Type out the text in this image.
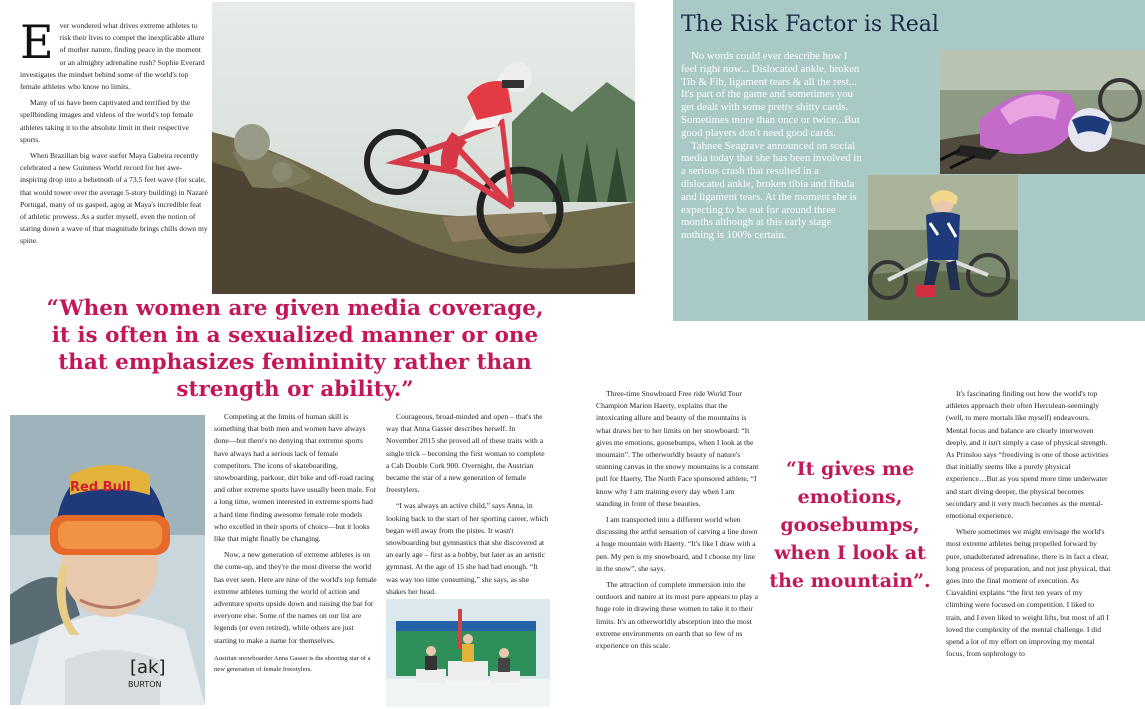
E ver wondered what drives extreme athletes to risk their lives to compet the inexplicable allure of mother nature, finding peace in the moment or an almighty adrenaline rush? Sophie Everard investigates the mindset behind some of the world's top female athletes who know no limits.

Many of us have been captivated and terrified by the spellbinding images and videos of the world's top female athletes taking it to the absolute limit in their respective sports.

When Brazilian big wave surfer Maya Gabeira recently celebrated a new Guinness World record for her awe-inspiring drop into a behemoth of a 73.5 feet wave (for scale, that would tower over the average 5-story building) in Nazaré Portugal, many of us gasped, agog at Maya's incredible feat of athletic prowess. As a surfer myself, even the notion of staring down a wave of that magnitude brings chills down my spine.

“When women are given media coverage, it is often in a sexualized manner or one that emphasizes femininity rather than strength or ability.”
[ak]
BURTON
Red Bull

Competing at the limits of human skill is something that both men and women have always done—but there's no denying that extreme sports have always had a serious lack of female competitors. The icons of skateboarding, snowboarding, parkour, dirt bike and off-road racing and other extreme sports have usually been male. For a long time, women interested in extreme sports had a hard time finding awesome female role models who excelled in their sports of choice—but it looks like that might finally be changing.

Now, a new generation of extreme athletes is on the come-up, and they're the most diverse the world has ever seen. Here are nine of the world's top female extreme athletes turning the world of action and adventure sports upside down and raising the bar for everyone else. Some of the names on our list are legends (or even retired), while others are just starting to make a name for themselves.

Austrian snowboarder Anna Gasser is the shooting star of a new generation of female freestylers.

Courageous, broad-minded and open – that's the way that Anna Gasser describes herself. In November 2015 she proved all of these traits with a single trick – becoming the first woman to complete a Cab Double Cork 900. Overnight, the Austrian became the star of a new generation of female freestylers.

“I was always an active child,” says Anna, in looking back to the start of her sporting career, which began well away from the pistes. It wasn't snowboarding but gymnastics that she discovered at an early age – first as a hobby, but later as an artistic gymnast. At the age of 15 she had had enough. “It was way too time consuming,” she says, as she shakes her head.

The Risk Factor is Real

No words could ever describe how I feel right now... Dislocated ankle, broken Tib & Fib, ligament tears & all the rest... It's part of the game and sometimes you get dealt with some pretty shitty cards. Sometimes more than once or twice...But good players don't need good cards.

Tahnee Seagrave announced on social media today that she has been involved in a serious crash that resulted in a dislocated ankle, broken tibia and fibula and ligament tears. At the moment she is expecting to be out for around three months although at this early stage nothing is 100% certain.

Three-time Snowboard Free ride World Tour Champion Marion Haerty, explains that the intoxicating allure and beauty of the mountains is what draws her to her limits on her snowboard: “It gives me emotions, goosebumps, when I look at the mountain”. The otherworldly beauty of nature's stunning canvas in the snowy mountains is a constant pull for Haerty, The North Face sponsored athlete, “I know why I am training every day when I am standing in front of these beauties.

I am transported into a different world when discussing the artful sensation of carving a line down a huge mountain with Haerty. “It's like I draw with a pen. My pen is my snowboard, and I choose my line in the snow”, she says.

The attraction of complete immersion into the outdoors and nature at its most pure appears to play a huge role in drawing these women to take it to their limits. It's an otherworldly absorption into the most extreme environments on earth that so few of us experience on this scale.

“It gives me emotions, goosebumps, when I look at the mountain”.

It's fascinating finding out how the world's top athletes approach their often Herculean-seemingly (well, to mere mortals like myself) endeavours. Mental focus and balance are clearly interwoven deeply, and it isn't simply a case of physical strength. As Prinsloo says “freediving is one of those activities that initially seems like a purely physical experience…But as you spend more time underwater and start diving deeper, the physical becomes secondary and it very much becomes as the mental-emotional experience.

Where sometimes we might envisage the world's most extreme athletes being propelled forward by pure, unadulterated adrenaline, there is in fact a clear, long process of preparation, and not just physical, that goes into the final moment of execution. As Ciavaldini explains “the first ten years of my climbing were focused on competition. I liked to train, and I even liked to weight lifts, but most of all I loved the complexity of the mental challenge. I did spend a lot of my effort on improving my mental focus, from sophrology to
